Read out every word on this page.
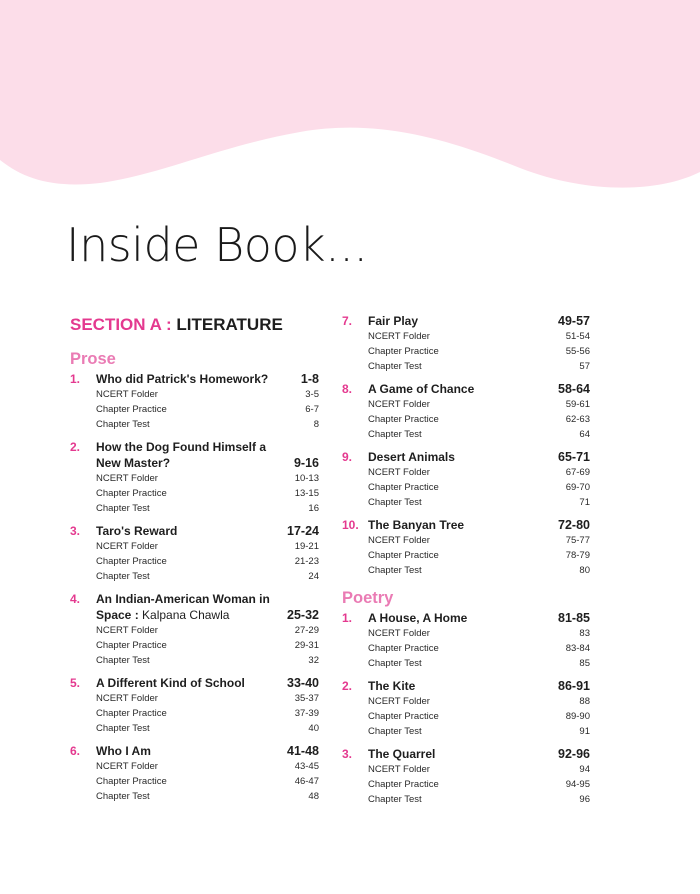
Inside Book...
SECTION A : LITERATURE
Prose
1. Who did Patrick's Homework?	1-8
NCERT Folder	3-5
Chapter Practice	6-7
Chapter Test	8
2. How the Dog Found Himself a New Master?	9-16
NCERT Folder	10-13
Chapter Practice	13-15
Chapter Test	16
3. Taro's Reward	17-24
NCERT Folder	19-21
Chapter Practice	21-23
Chapter Test	24
4. An Indian-American Woman in Space : Kalpana Chawla	25-32
NCERT Folder	27-29
Chapter Practice	29-31
Chapter Test	32
5. A Different Kind of School	33-40
NCERT Folder	35-37
Chapter Practice	37-39
Chapter Test	40
6. Who I Am	41-48
NCERT Folder	43-45
Chapter Practice	46-47
Chapter Test	48
7. Fair Play	49-57
NCERT Folder	51-54
Chapter Practice	55-56
Chapter Test	57
8. A Game of Chance	58-64
NCERT Folder	59-61
Chapter Practice	62-63
Chapter Test	64
9. Desert Animals	65-71
NCERT Folder	67-69
Chapter Practice	69-70
Chapter Test	71
10. The Banyan Tree	72-80
NCERT Folder	75-77
Chapter Practice	78-79
Chapter Test	80
Poetry
1. A House, A Home	81-85
NCERT Folder	83
Chapter Practice	83-84
Chapter Test	85
2. The Kite	86-91
NCERT Folder	88
Chapter Practice	89-90
Chapter Test	91
3. The Quarrel	92-96
NCERT Folder	94
Chapter Practice	94-95
Chapter Test	96
